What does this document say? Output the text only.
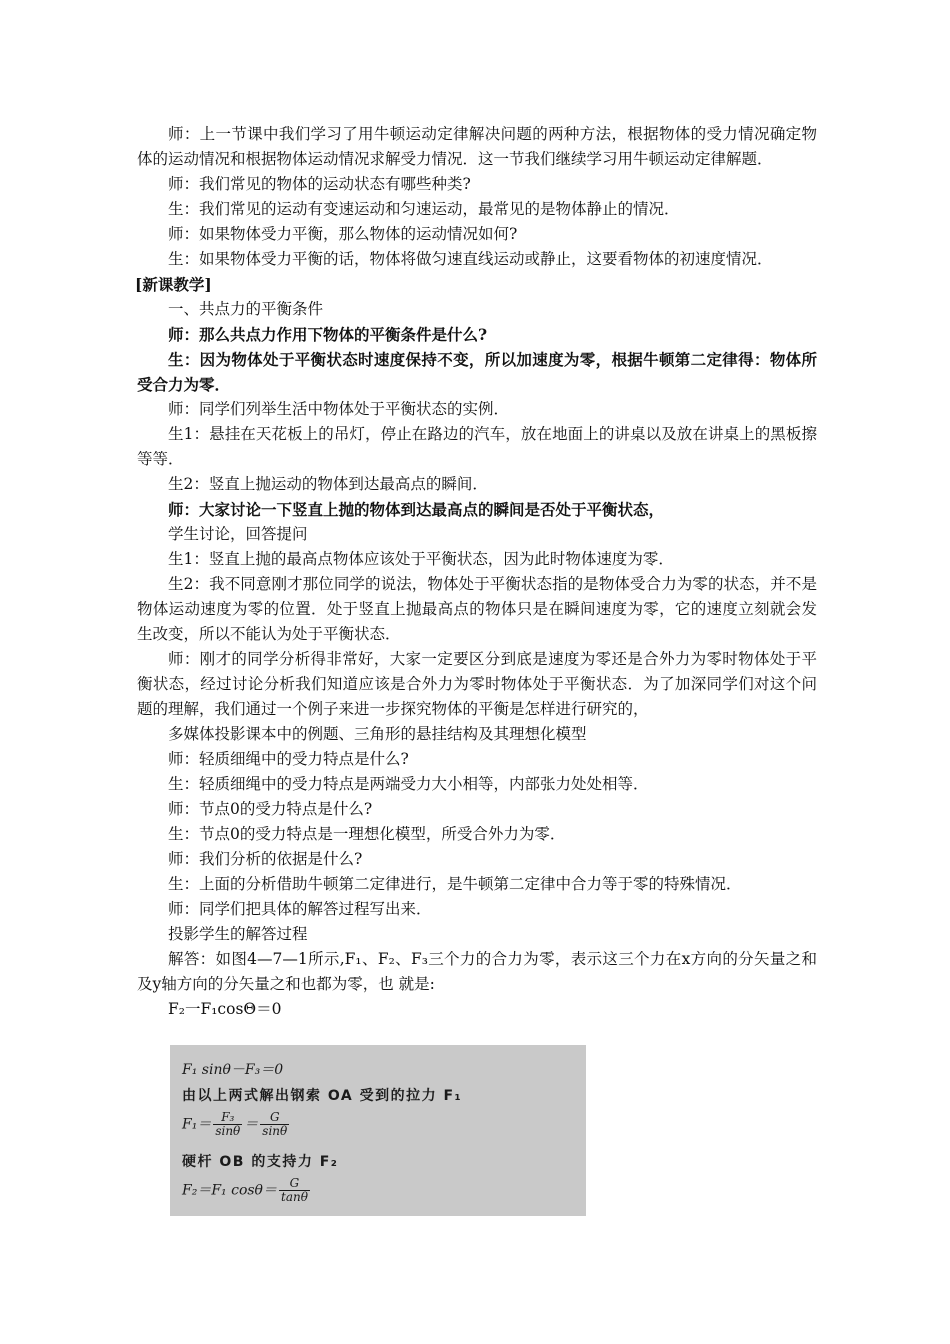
师：上一节课中我们学习了用牛顿运动定律解决问题的两种方法，根据物体的受力情况确定物体的运动情况和根据物体运动情况求解受力情况．这一节我们继续学习用牛顿运动定律解题．

师：我们常见的物体的运动状态有哪些种类?

生：我们常见的运动有变速运动和匀速运动，最常见的是物体静止的情况．

师：如果物体受力平衡，那么物体的运动情况如何?

生：如果物体受力平衡的话，物体将做匀速直线运动或静止，这要看物体的初速度情况．

[新课教学]

一、共点力的平衡条件

师：那么共点力作用下物体的平衡条件是什么?

生：因为物体处于平衡状态时速度保持不变，所以加速度为零，根据牛顿第二定律得：物体所受合力为零．

师：同学们列举生活中物体处于平衡状态的实例．

生1：悬挂在天花板上的吊灯，停止在路边的汽车，放在地面上的讲桌以及放在讲桌上的黑板擦等等．

生2：竖直上抛运动的物体到达最高点的瞬间．

师：大家讨论一下竖直上抛的物体到达最高点的瞬间是否处于平衡状态，

学生讨论，回答提问

生1：竖直上抛的最高点物体应该处于平衡状态，因为此时物体速度为零．

生2：我不同意刚才那位同学的说法，物体处于平衡状态指的是物体受合力为零的状态，并不是物体运动速度为零的位置．处于竖直上抛最高点的物体只是在瞬间速度为零，它的速度立刻就会发生改变，所以不能认为处于平衡状态．

师：刚才的同学分析得非常好，大家一定要区分到底是速度为零还是合外力为零时物体处于平衡状态，经过讨论分析我们知道应该是合外力为零时物体处于平衡状态．为了加深同学们对这个问题的理解，我们通过一个例子来进一步探究物体的平衡是怎样进行研究的，

多媒体投影课本中的例题、三角形的悬挂结构及其理想化模型

师：轻质细绳中的受力特点是什么?

生：轻质细绳中的受力特点是两端受力大小相等，内部张力处处相等．

师：节点0的受力特点是什么?

生：节点0的受力特点是一理想化模型，所受合外力为零．

师：我们分析的依据是什么?

生：上面的分析借助牛顿第二定律进行，是牛顿第二定律中合力等于零的特殊情况．

师：同学们把具体的解答过程写出来．

投影学生的解答过程

解答：如图4—7—1所示,F₁、F₂、F₃三个力的合力为零，表示这三个力在x方向的分矢量之和及y轴方向的分矢量之和也都为零，也 就是:

F₂一F₁cosΘ＝0
F₁ sinθ－F₃＝0
由以上两式解出钢索 OA 受到的拉力 F₁
$F_1= \frac{\text{F₃}}{\sin\theta} = \frac{G}{\sin\theta}$
硬杆 OB 的支持力 F₂
F₂＝F₁ $\cos\theta= \frac{G}{\tan\theta}$
